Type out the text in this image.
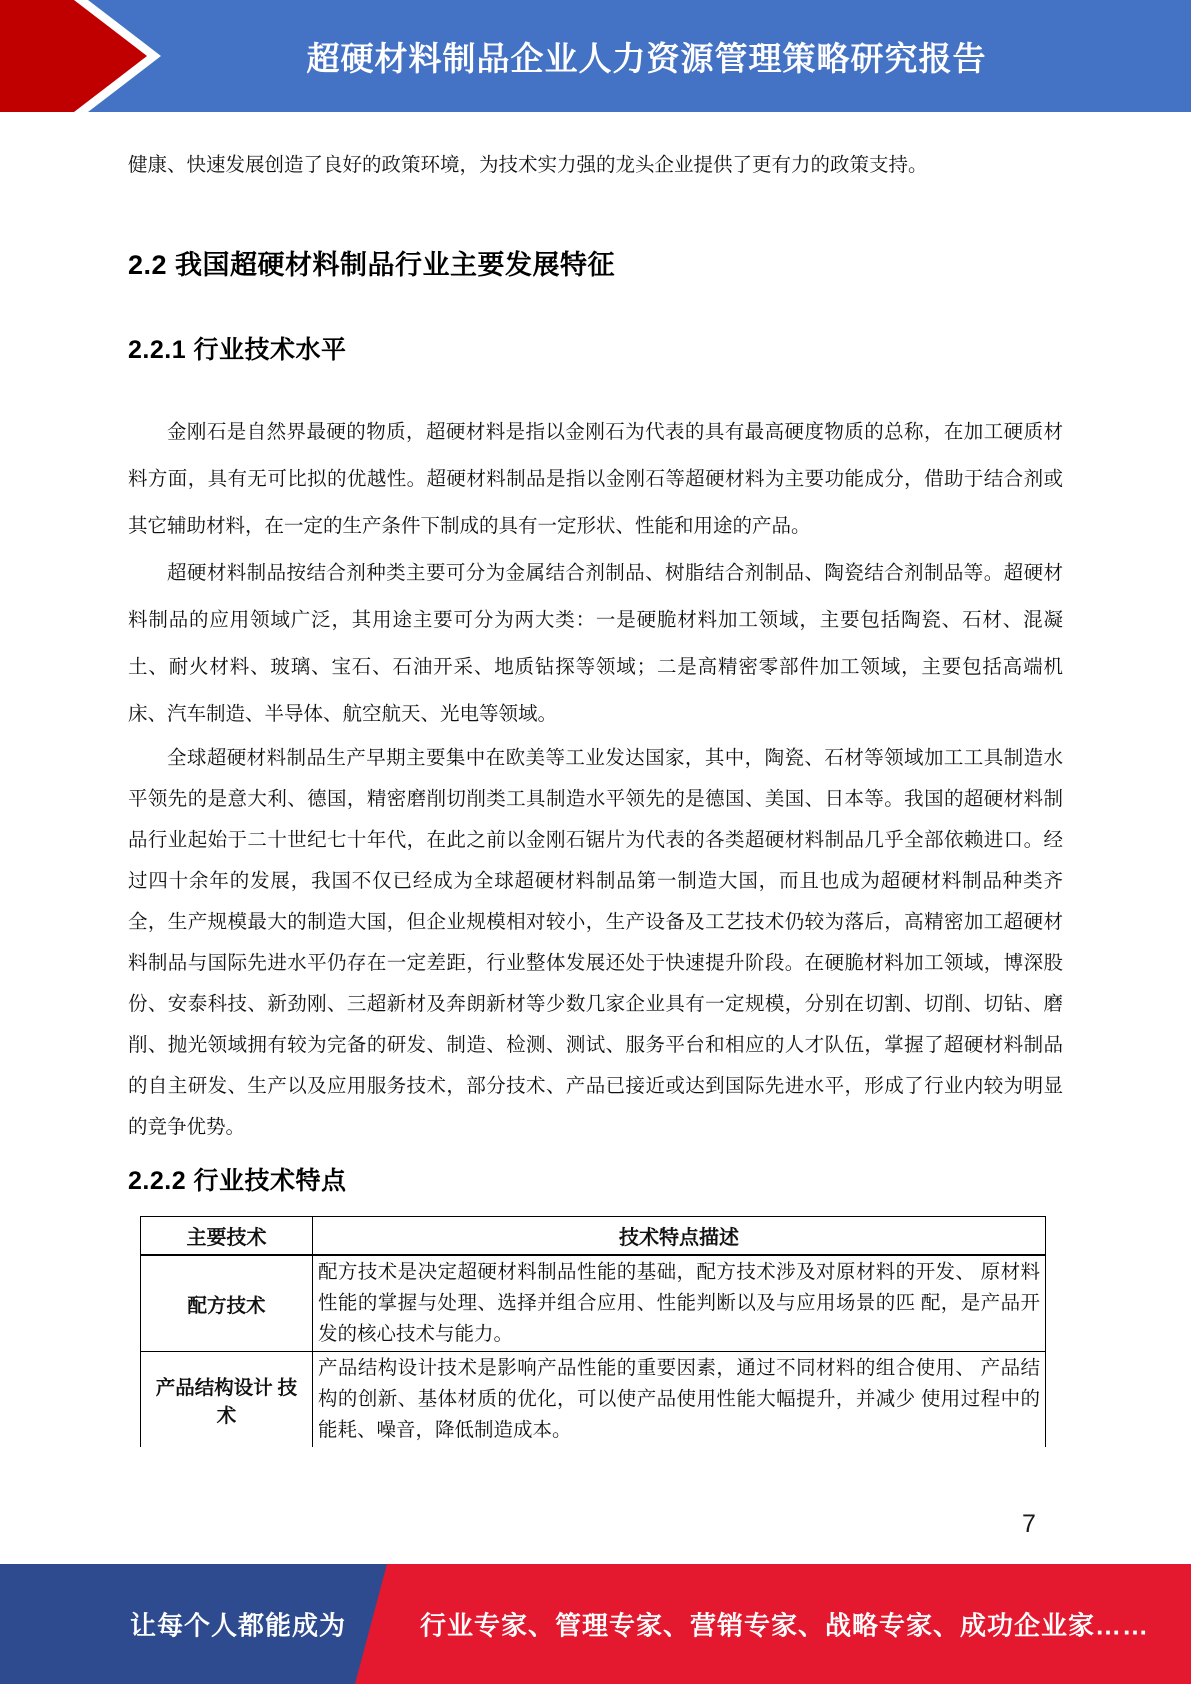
超硬材料制品企业人力资源管理策略研究报告

健康、快速发展创造了良好的政策环境，为技术实力强的龙头企业提供了更有力的政策支持。

2.2 我国超硬材料制品行业主要发展特征
2.2.1 行业技术水平

金刚石是自然界最硬的物质，超硬材料是指以金刚石为代表的具有最高硬度物质的总称，在加工硬质材料方面，具有无可比拟的优越性。超硬材料制品是指以金刚石等超硬材料为主要功能成分，借助于结合剂或其它辅助材料，在一定的生产条件下制成的具有一定形状、性能和用途的产品。

超硬材料制品按结合剂种类主要可分为金属结合剂制品、树脂结合剂制品、陶瓷结合剂制品等。超硬材料制品的应用领域广泛，其用途主要可分为两大类：一是硬脆材料加工领域，主要包括陶瓷、石材、混凝土、耐火材料、玻璃、宝石、石油开采、地质钻探等领域；二是高精密零部件加工领域，主要包括高端机床、汽车制造、半导体、航空航天、光电等领域。

全球超硬材料制品生产早期主要集中在欧美等工业发达国家，其中，陶瓷、石材等领域加工工具制造水平领先的是意大利、德国，精密磨削切削类工具制造水平领先的是德国、美国、日本等。我国的超硬材料制品行业起始于二十世纪七十年代，在此之前以金刚石锯片为代表的各类超硬材料制品几乎全部依赖进口。经过四十余年的发展，我国不仅已经成为全球超硬材料制品第一制造大国，而且也成为超硬材料制品种类齐全，生产规模最大的制造大国，但企业规模相对较小，生产设备及工艺技术仍较为落后，高精密加工超硬材料制品与国际先进水平仍存在一定差距，行业整体发展还处于快速提升阶段。在硬脆材料加工领域，博深股份、安泰科技、新劲刚、三超新材及奔朗新材等少数几家企业具有一定规模，分别在切割、切削、切钻、磨削、抛光领域拥有较为完备的研发、制造、检测、测试、服务平台和相应的人才队伍，掌握了超硬材料制品的自主研发、生产以及应用服务技术，部分技术、产品已接近或达到国际先进水平，形成了行业内较为明显的竞争优势。

2.2.2 行业技术特点
主要技术	技术特点描述
配方技术	配方技术是决定超硬材料制品性能的基础，配方技术涉及对原材料的开发、 原材料性能的掌握与处理、选择并组合应用、性能判断以及与应用场景的匹 配，是产品开发的核心技术与能力。
产品结构设计 技术	产品结构设计技术是影响产品性能的重要因素，通过不同材料的组合使用、 产品结构的创新、基体材质的优化，可以使产品使用性能大幅提升，并减少 使用过程中的能耗、噪音，降低制造成本。
7
让每个人都能成为	行业专家、管理专家、营销专家、战略专家、成功企业家……
